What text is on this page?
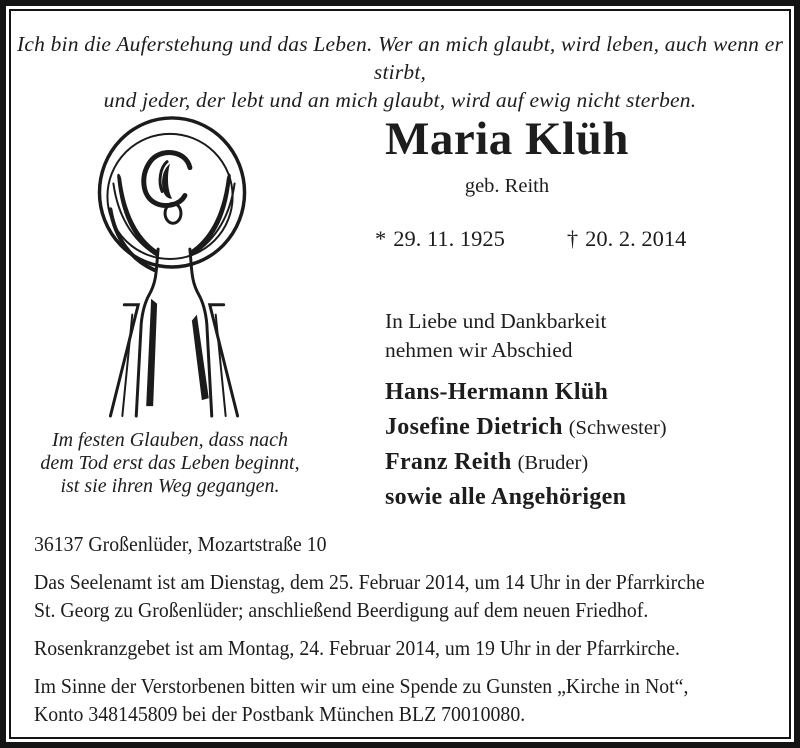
Ich bin die Auferstehung und das Leben. Wer an mich glaubt, wird leben, auch wenn er stirbt,
und jeder, der lebt und an mich glaubt, wird auf ewig nicht sterben.
Maria Klüh
geb. Reith
* 29. 11. 1925	† 20. 2. 2014
In Liebe und Dankbarkeit
nehmen wir Abschied
Hans-Hermann Klüh
Josefine Dietrich (Schwester)
Franz Reith (Bruder)
sowie alle Angehörigen
Im festen Glauben, dass nach
dem Tod erst das Leben beginnt,
ist sie ihren Weg gegangen.

36137 Großenlüder, Mozartstraße 10

Das Seelenamt ist am Dienstag, dem 25. Februar 2014, um 14 Uhr in der Pfarrkirche
St. Georg zu Großenlüder; anschließend Beerdigung auf dem neuen Friedhof.

Rosenkranzgebet ist am Montag, 24. Februar 2014, um 19 Uhr in der Pfarrkirche.

Im Sinne der Verstorbenen bitten wir um eine Spende zu Gunsten „Kirche in Not“,
Konto 348145809 bei der Postbank München BLZ 70010080.
